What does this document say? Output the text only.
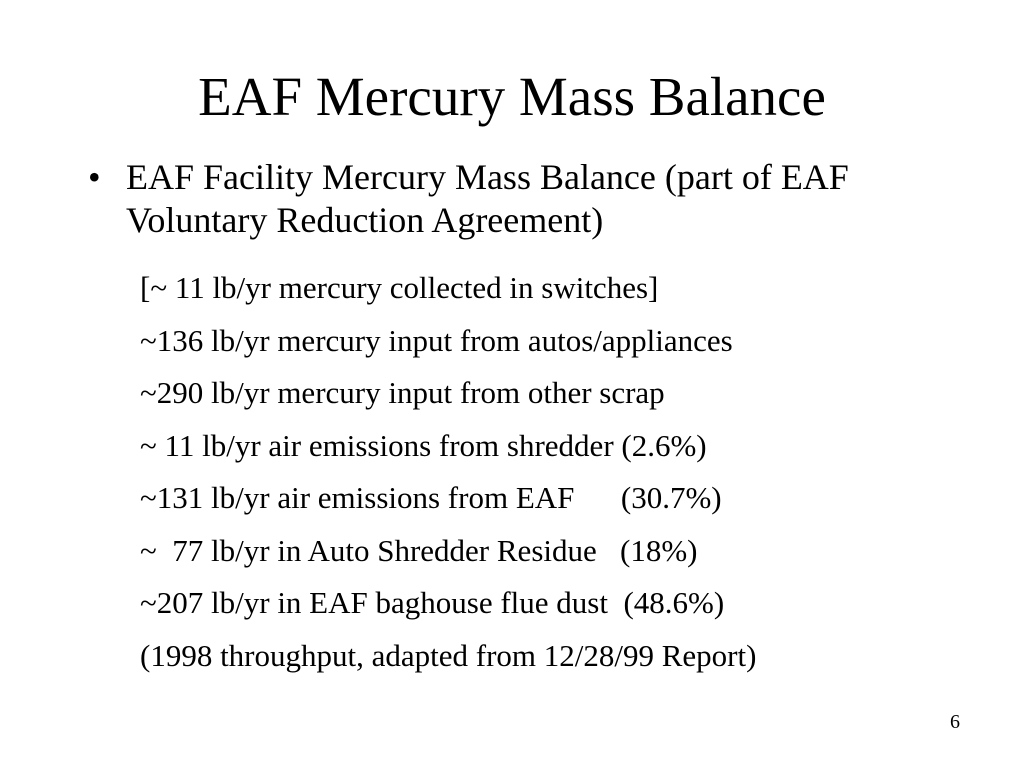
EAF Mercury Mass Balance
• EAF Facility Mercury Mass Balance (part of EAF Voluntary Reduction Agreement)
[~ 11 lb/yr mercury collected in switches]
~136 lb/yr mercury input from autos/appliances
~290 lb/yr mercury input from other scrap
~ 11 lb/yr air emissions from shredder (2.6%)
~131 lb/yr air emissions from EAF      (30.7%)
~  77 lb/yr in Auto Shredder Residue   (18%)
~207 lb/yr in EAF baghouse flue dust  (48.6%)
(1998 throughput, adapted from 12/28/99 Report)
6
